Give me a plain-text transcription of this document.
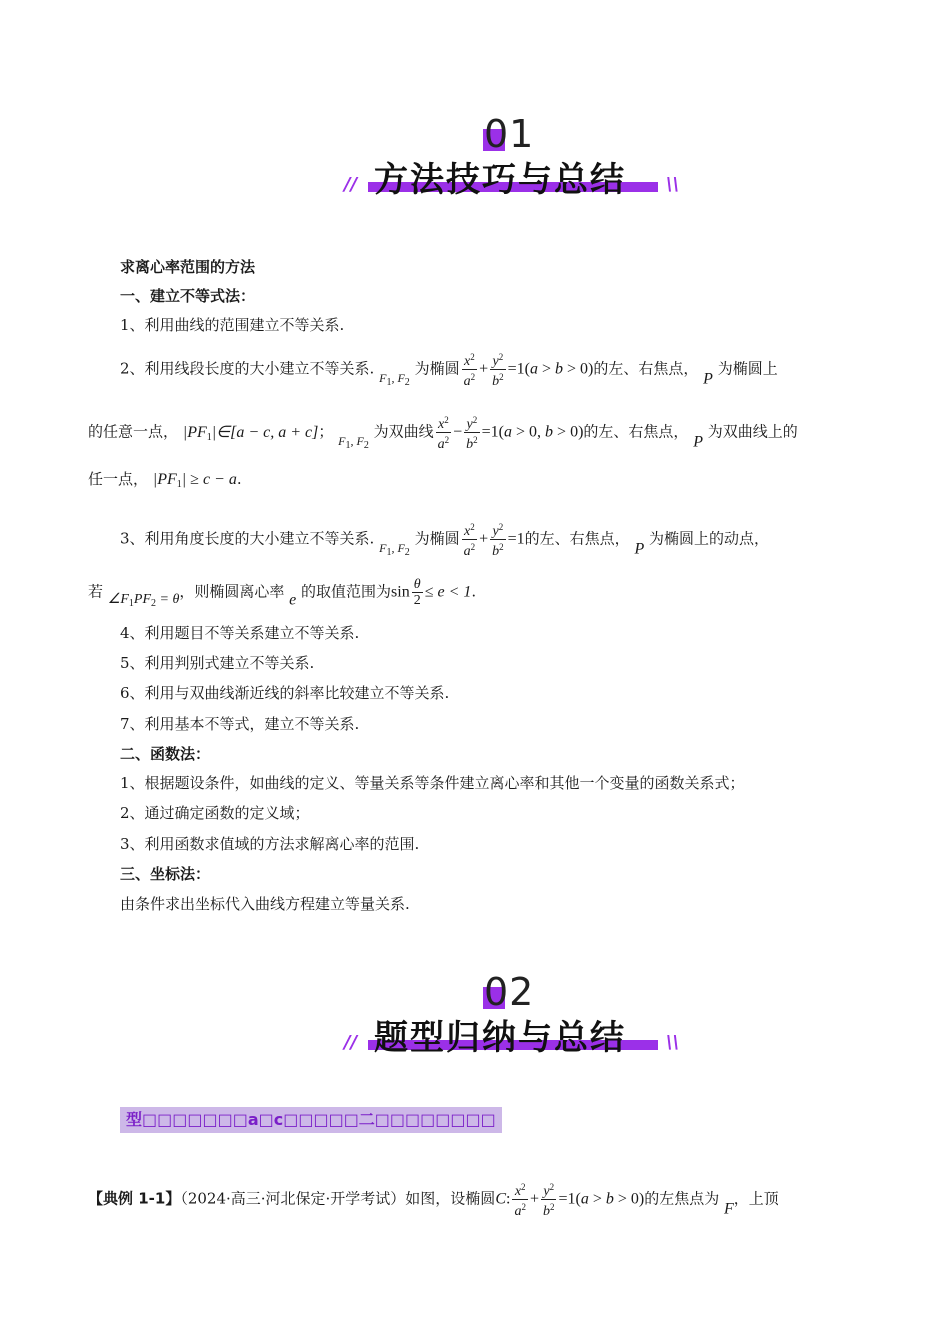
01
方法技巧与总结
//	\\
求离心率范围的方法
一、建立不等式法：
1、利用曲线的范围建立不等关系.
2、利用线段长度的大小建立不等关系. $_{F_1, F_2}$ 为椭圆 $\frac{x^2}{a^2} + \frac{y^2}{b^2} =1(a > b > 0)$的左、右焦点， P 为椭圆上
的任意一点， $|PF_1|\in[a - c$, a + c]； $_{F_1, F_2}$ 为双曲线 $\frac{x^2}{a^2} - \frac{y^2}{b^2} =1(a > 0$, b > 0)的左、右焦点， P 为双曲线上的
任一点， $|PF_1| \ge c - a$.
3、利用角度长度的大小建立不等关系. $_{F_1, F_2}$ 为椭圆 $\frac{x^2}{a^2} + \frac{y^2}{b^2} =1$的左、右焦点， P 为椭圆上的动点，
若 $\angle F_1PF_2 = \theta$，则椭圆离心率 e 的取值范围为$\sin \frac{\theta}{2} \le e < 1$.
4、利用题目不等关系建立不等关系.
5、利用判别式建立不等关系.
6、利用与双曲线渐近线的斜率比较建立不等关系.
7、利用基本不等式，建立不等关系.
二、函数法：
1、根据题设条件，如曲线的定义、等量关系等条件建立离心率和其他一个变量的函数关系式；
2、通过确定函数的定义域；
3、利用函数求值域的方法求解离心率的范围.
三、坐标法：
由条件求出坐标代入曲线方程建立等量关系.
02
题型归纳与总结
//	\\
型□□□□□□□a□c□□□□□二□□□□□□□□
【典例 1-1】（2024·高三·河北保定·开学考试）如图，设椭圆C: $\frac{x^2}{a^2} + \frac{y^2}{b^2} =1(a > b > 0)$的左焦点为 F，上顶
